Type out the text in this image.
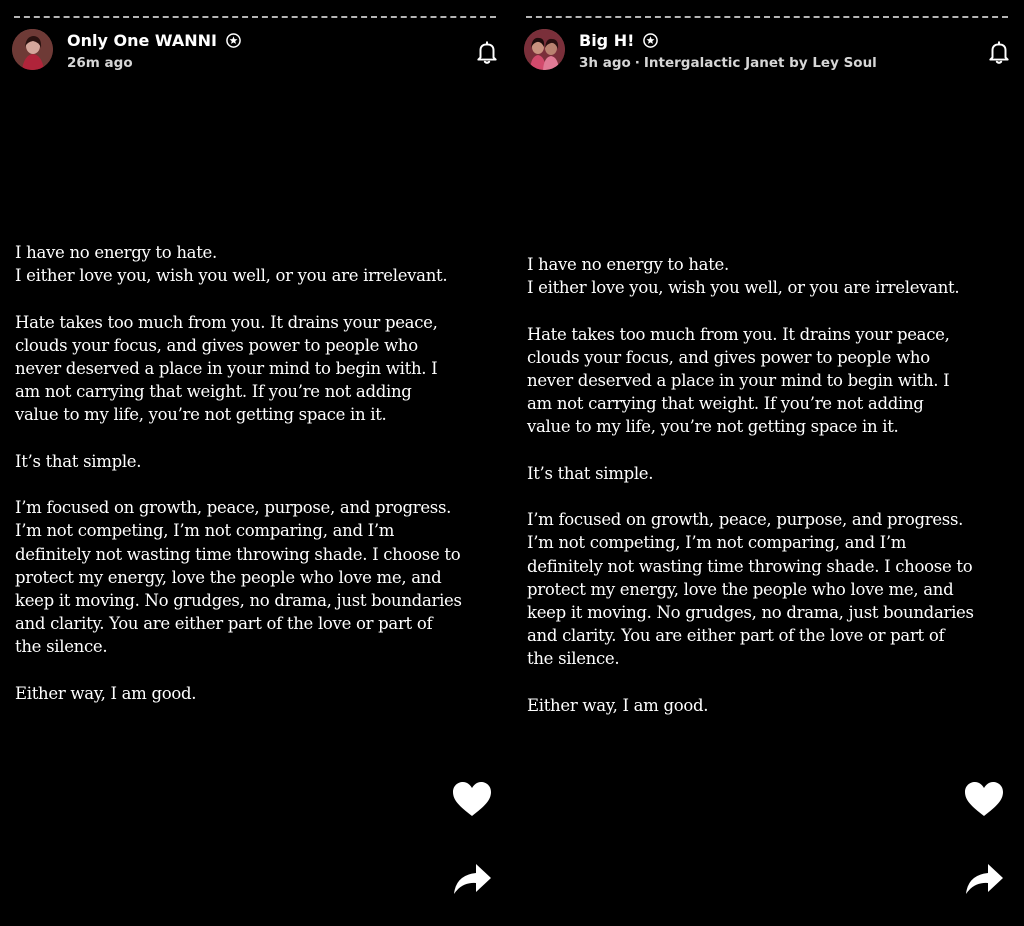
Only One WANNI
26m ago

I have no energy to hate.
I either love you, wish you well, or you are irrelevant.

Hate takes too much from you. It drains your peace,
clouds your focus, and gives power to people who
never deserved a place in your mind to begin with. I
am not carrying that weight. If you’re not adding
value to my life, you’re not getting space in it.

It’s that simple.

I’m focused on growth, peace, purpose, and progress.
I’m not competing, I’m not comparing, and I’m
definitely not wasting time throwing shade. I choose to
protect my energy, love the people who love me, and
keep it moving. No grudges, no drama, just boundaries
and clarity. You are either part of the love or part of
the silence.

Either way, I am good.

Big H!
3h ago · Intergalactic Janet by Ley Soul

I have no energy to hate.
I either love you, wish you well, or you are irrelevant.

Hate takes too much from you. It drains your peace,
clouds your focus, and gives power to people who
never deserved a place in your mind to begin with. I
am not carrying that weight. If you’re not adding
value to my life, you’re not getting space in it.

It’s that simple.

I’m focused on growth, peace, purpose, and progress.
I’m not competing, I’m not comparing, and I’m
definitely not wasting time throwing shade. I choose to
protect my energy, love the people who love me, and
keep it moving. No grudges, no drama, just boundaries
and clarity. You are either part of the love or part of
the silence.

Either way, I am good.
